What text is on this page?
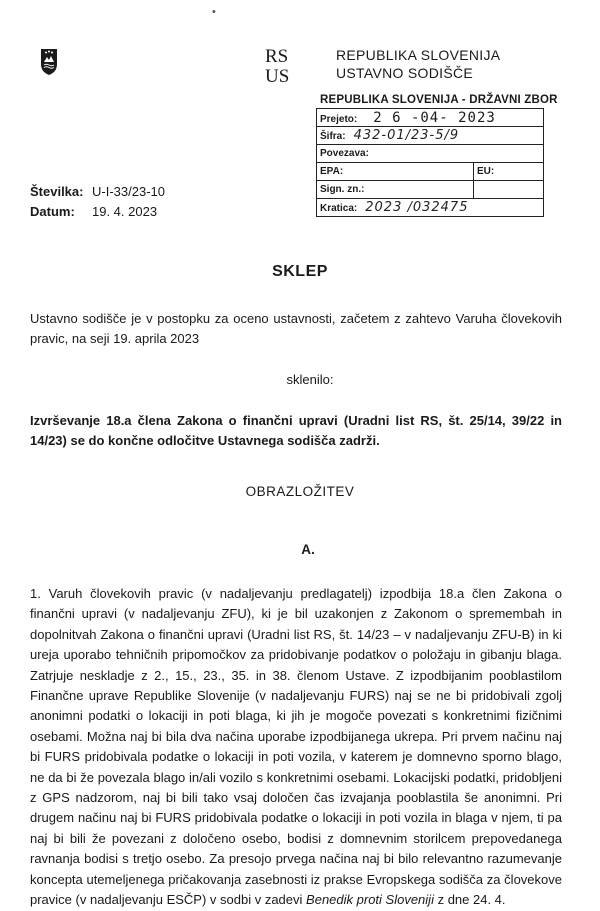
•
RS
US
REPUBLIKA SLOVENIJA
USTAVNO SODIŠČE
REPUBLIKA SLOVENIJA - DRŽAVNI ZBOR
Prejeto: 2 6 -04- 2023	
Šifra: 432-01/23-5/9	
Povezava:	
EPA:	EU:
Sign. zn.:	
Kratica: 2023 /032475	
Številka: U-I-33/23-10
Datum: 19. 4. 2023
SKLEP
Ustavno sodišče je v postopku za oceno ustavnosti, začetem z zahtevo Varuha človekovih pravic, na seji 19. aprila 2023
sklenilo:
Izvrševanje 18.a člena Zakona o finančni upravi (Uradni list RS, št. 25/14, 39/22 in 14/23) se do končne odločitve Ustavnega sodišča zadrži.
OBRAZLOŽITEV
A.
1. Varuh človekovih pravic (v nadaljevanju predlagatelj) izpodbija 18.a člen Zakona o finančni upravi (v nadaljevanju ZFU), ki je bil uzakonjen z Zakonom o spremembah in dopolnitvah Zakona o finančni upravi (Uradni list RS, št. 14/23 – v nadaljevanju ZFU-B) in ki ureja uporabo tehničnih pripomočkov za pridobivanje podatkov o položaju in gibanju blaga. Zatrjuje neskladje z 2., 15., 23., 35. in 38. členom Ustave. Z izpodbijanim pooblastilom Finančne uprave Republike Slovenije (v nadaljevanju FURS) naj se ne bi pridobivali zgolj anonimni podatki o lokaciji in poti blaga, ki jih je mogoče povezati s konkretnimi fizičnimi osebami. Možna naj bi bila dva načina uporabe izpodbijanega ukrepa. Pri prvem načinu naj bi FURS pridobivala podatke o lokaciji in poti vozila, v katerem je domnevno sporno blago, ne da bi že povezala blago in/ali vozilo s konkretnimi osebami. Lokacijski podatki, pridobljeni z GPS nadzorom, naj bi bili tako vsaj določen čas izvajanja pooblastila še anonimni. Pri drugem načinu naj bi FURS pridobivala podatke o lokaciji in poti vozila in blaga v njem, ti pa naj bi bili že povezani z določeno osebo, bodisi z domnevnim storilcem prepovedanega ravnanja bodisi s tretjo osebo. Za presojo prvega načina naj bi bilo relevantno razumevanje koncepta utemeljenega pričakovanja zasebnosti iz prakse Evropskega sodišča za človekove pravice (v nadaljevanju ESČP) v sodbi v zadevi Benedik proti Sloveniji z dne 24. 4.
